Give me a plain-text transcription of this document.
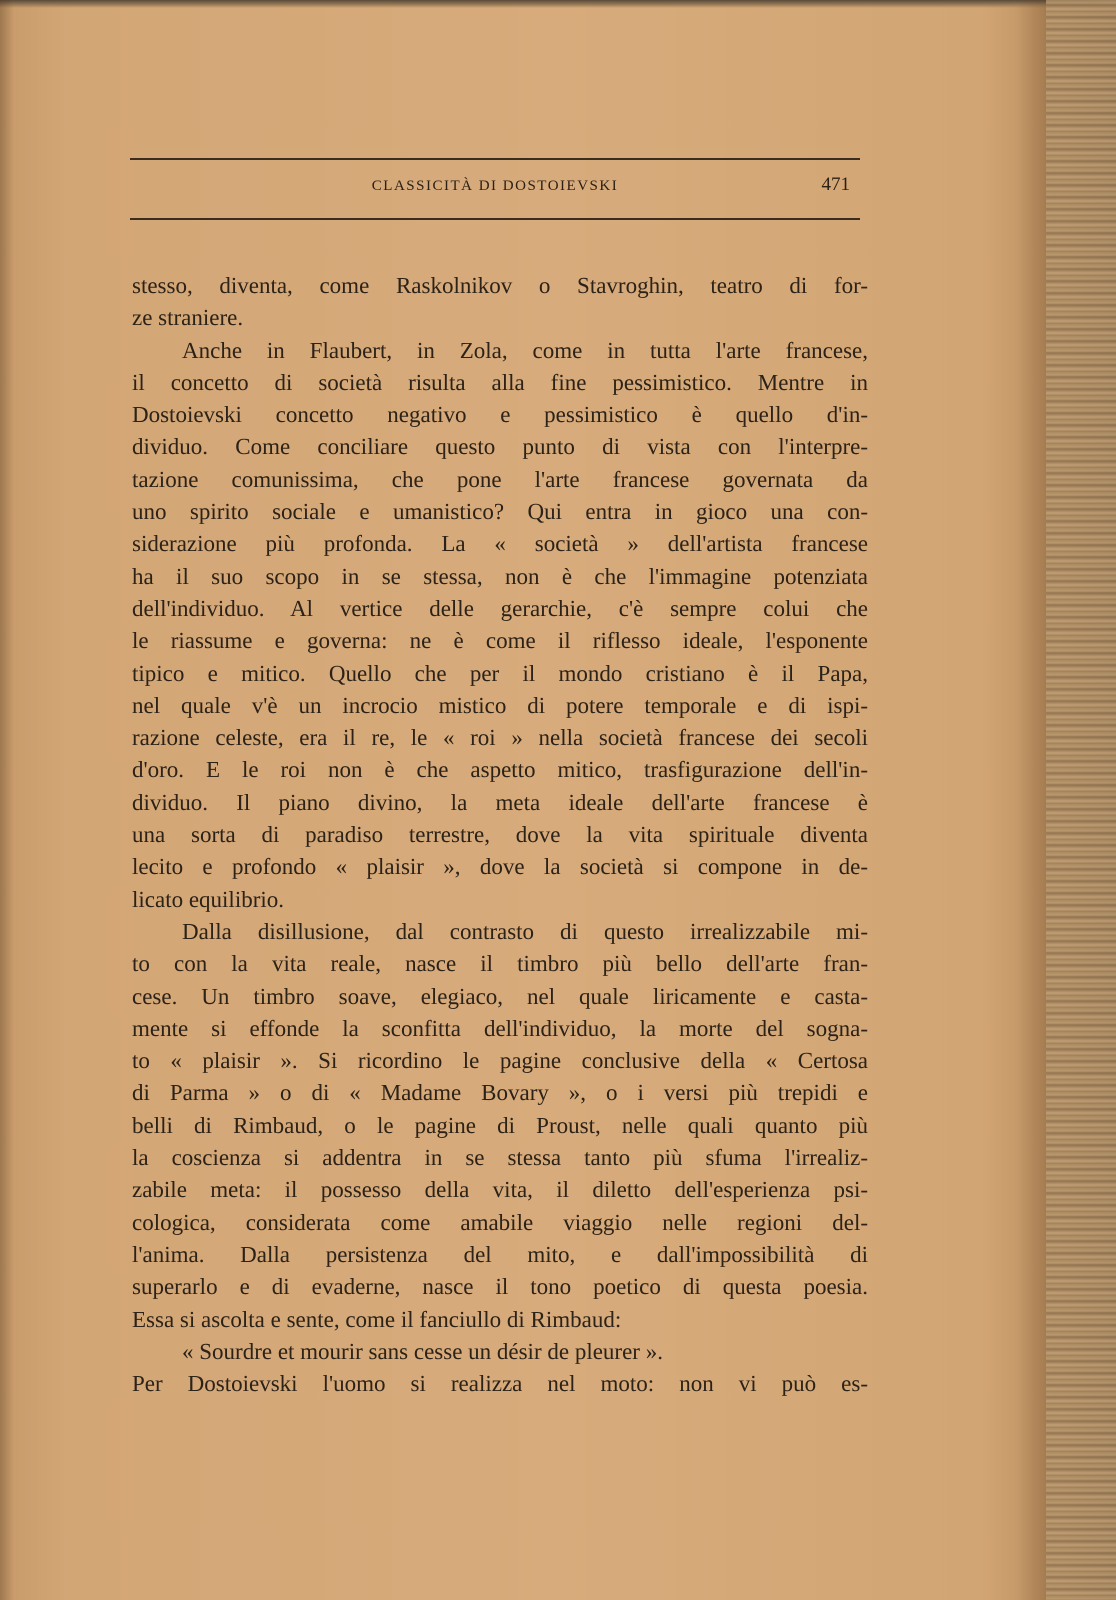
CLASSICITÀ DI DOSTOIEVSKI	471
stesso, diventa, come Raskolnikov o Stavroghin, teatro di for-
ze straniere.
Anche in Flaubert, in Zola, come in tutta l'arte francese,
il concetto di società risulta alla fine pessimistico. Mentre in
Dostoievski concetto negativo e pessimistico è quello d'in-
dividuo. Come conciliare questo punto di vista con l'interpre-
tazione comunissima, che pone l'arte francese governata da
uno spirito sociale e umanistico? Qui entra in gioco una con-
siderazione più profonda. La « società » dell'artista francese
ha il suo scopo in se stessa, non è che l'immagine potenziata
dell'individuo. Al vertice delle gerarchie, c'è sempre colui che
le riassume e governa: ne è come il riflesso ideale, l'esponente
tipico e mitico. Quello che per il mondo cristiano è il Papa,
nel quale v'è un incrocio mistico di potere temporale e di ispi-
razione celeste, era il re, le « roi » nella società francese dei secoli
d'oro. E le roi non è che aspetto mitico, trasfigurazione dell'in-
dividuo. Il piano divino, la meta ideale dell'arte francese è
una sorta di paradiso terrestre, dove la vita spirituale diventa
lecito e profondo « plaisir », dove la società si compone in de-
licato equilibrio.
Dalla disillusione, dal contrasto di questo irrealizzabile mi-
to con la vita reale, nasce il timbro più bello dell'arte fran-
cese. Un timbro soave, elegiaco, nel quale liricamente e casta-
mente si effonde la sconfitta dell'individuo, la morte del sogna-
to « plaisir ». Si ricordino le pagine conclusive della « Certosa
di Parma » o di « Madame Bovary », o i versi più trepidi e
belli di Rimbaud, o le pagine di Proust, nelle quali quanto più
la coscienza si addentra in se stessa tanto più sfuma l'irrealiz-
zabile meta: il possesso della vita, il diletto dell'esperienza psi-
cologica, considerata come amabile viaggio nelle regioni del-
l'anima. Dalla persistenza del mito, e dall'impossibilità di
superarlo e di evaderne, nasce il tono poetico di questa poesia.
Essa si ascolta e sente, come il fanciullo di Rimbaud:
« Sourdre et mourir sans cesse un désir de pleurer ».
Per Dostoievski l'uomo si realizza nel moto: non vi può es-
